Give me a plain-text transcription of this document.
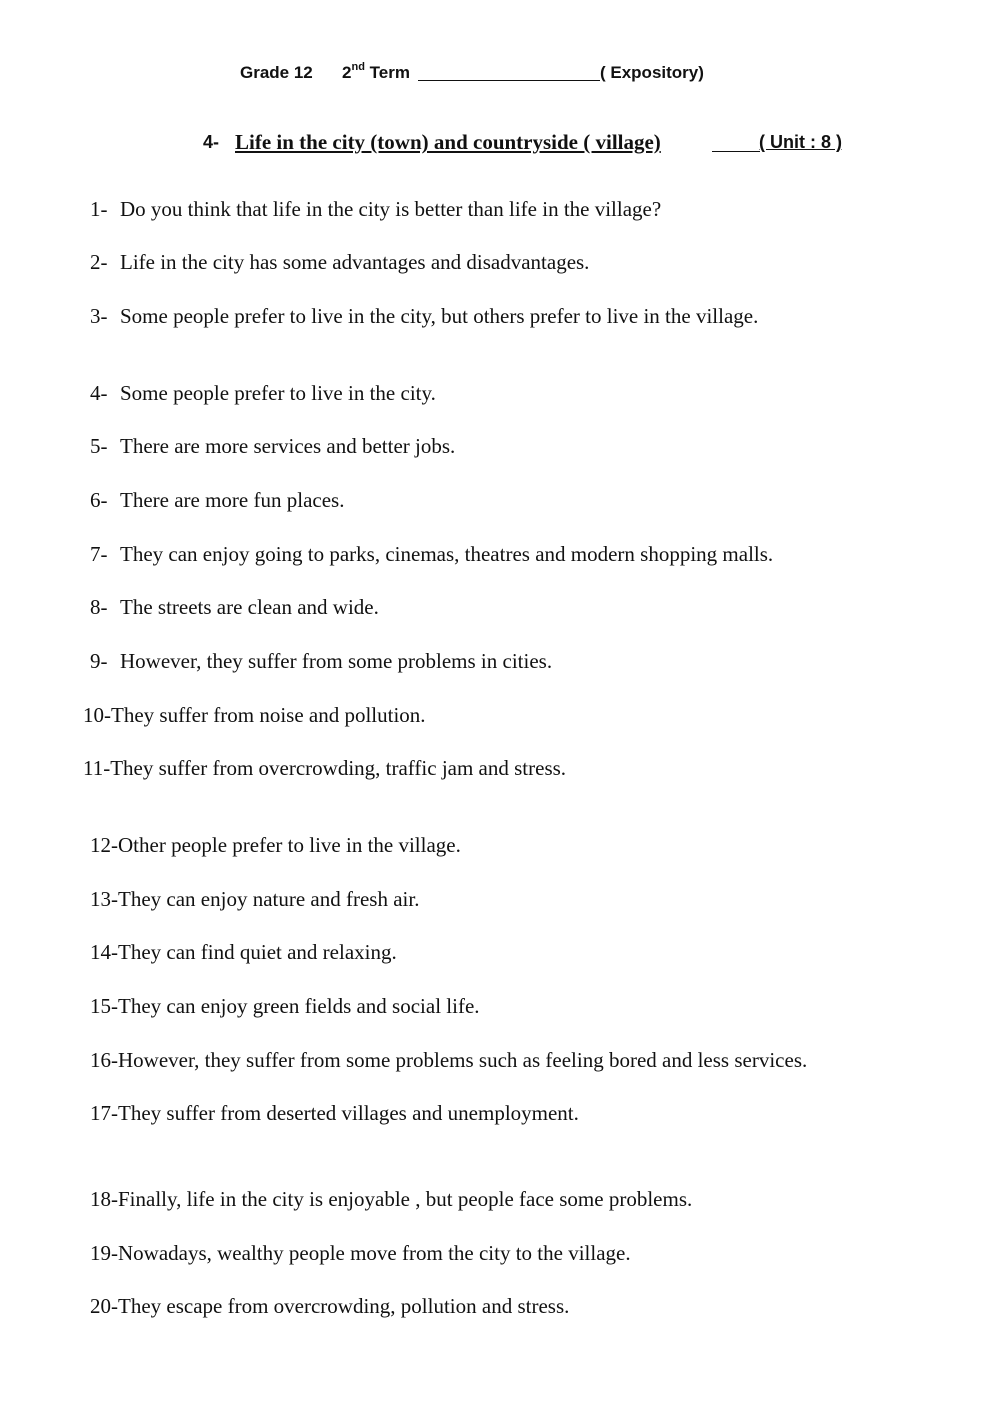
Grade 12 2nd Term	( Expository)
4- Life in the city (town) and countryside ( village)	( Unit : 8 )
1- Do you think that life in the city is better than life in the village?
2- Life in the city has some advantages and disadvantages.
3- Some people prefer to live in the city, but others prefer to live in the village.
4- Some people prefer to live in the city.
5- There are more services and better jobs.
6- There are more fun places.
7- They can enjoy going to parks, cinemas, theatres and modern shopping malls.
8- The streets are clean and wide.
9- However, they suffer from some problems in cities.
10-They suffer from noise and pollution.
11-They suffer from overcrowding, traffic jam and stress.
12-Other people prefer to live in the village.
13-They can enjoy nature and fresh air.
14-They can find quiet and relaxing.
15-They can enjoy green fields and social life.
16-However, they suffer from some problems such as feeling bored and less services.
17-They suffer from deserted villages and unemployment.
18-Finally, life in the city is enjoyable , but people face some problems.
19-Nowadays, wealthy people move from the city to the village.
20-They escape from overcrowding, pollution and stress.
